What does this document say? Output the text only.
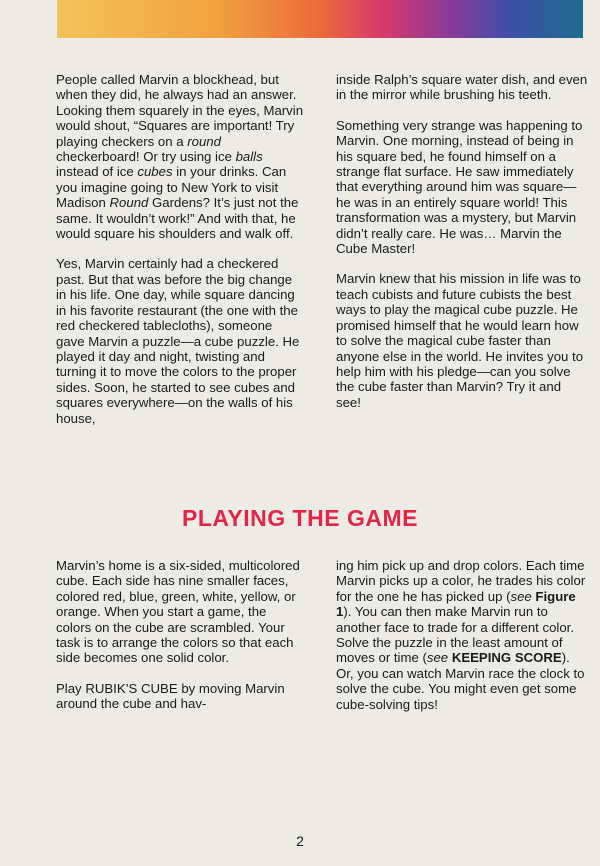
People called Marvin a blockhead, but when they did, he always had an answer. Looking them squarely in the eyes, Marvin would shout, “Squares are important! Try playing checkers on a round checkerboard! Or try using ice balls instead of ice cubes in your drinks. Can you imagine going to New York to visit Madison Round Gardens? It’s just not the same. It wouldn’t work!” And with that, he would square his shoulders and walk off.

Yes, Marvin certainly had a checkered past. But that was before the big change in his life. One day, while square dancing in his favorite restaurant (the one with the red checkered tablecloths), someone gave Marvin a puzzle—a cube puzzle. He played it day and night, twisting and turning it to move the colors to the proper sides. Soon, he started to see cubes and squares everywhere—on the walls of his house,

inside Ralph’s square water dish, and even in the mirror while brushing his teeth.

Something very strange was happening to Marvin. One morning, instead of being in his square bed, he found himself on a strange flat surface. He saw immediately that everything around him was square—he was in an entirely square world! This transformation was a mystery, but Marvin didn’t really care. He was… Marvin the Cube Master!

Marvin knew that his mission in life was to teach cubists and future cubists the best ways to play the magical cube puzzle. He promised himself that he would learn how to solve the magical cube faster than anyone else in the world. He invites you to help him with his pledge—can you solve the cube faster than Marvin? Try it and see!

PLAYING THE GAME

Marvin’s home is a six-sided, multicolored cube. Each side has nine smaller faces, colored red, blue, green, white, yellow, or orange. When you start a game, the colors on the cube are scrambled. Your task is to arrange the colors so that each side becomes one solid color.

Play RUBIK’S CUBE by moving Marvin around the cube and hav-

ing him pick up and drop colors. Each time Marvin picks up a color, he trades his color for the one he has picked up (see Figure 1). You can then make Marvin run to another face to trade for a different color. Solve the puzzle in the least amount of moves or time (see KEEPING SCORE). Or, you can watch Marvin race the clock to solve the cube. You might even get some cube-solving tips!

2
